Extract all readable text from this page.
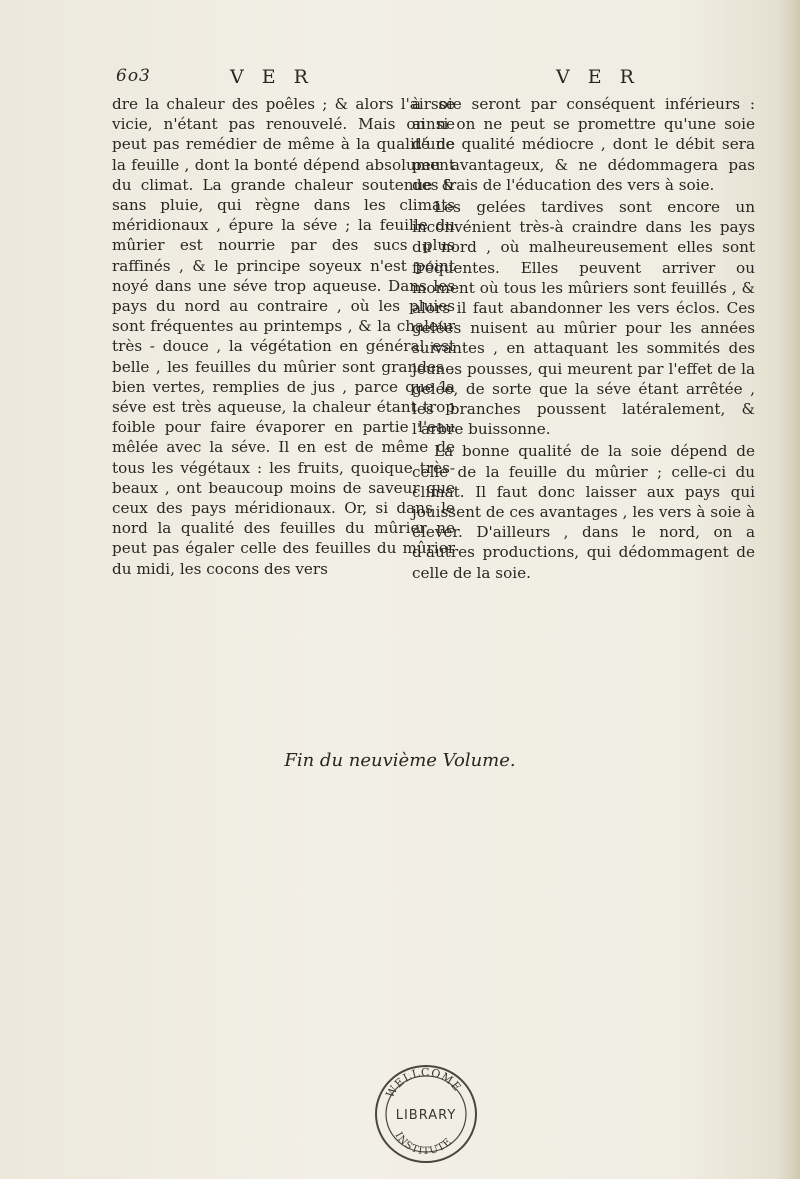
6o3	V E R	V E R

dre la chaleur des poêles ; & alors l'air se vicie, n'étant pas renouvelé. Mais on ne peut pas remédier de même à la qualité de la feuille , dont la bonté dépend absolument du climat. La grande chaleur soutenue & sans pluie, qui règne dans les climats méridionaux , épure la séve ; la feuille du mûrier est nourrie par des sucs plus raffinés , & le principe soyeux n'est point noyé dans une séve trop aqueuse. Dans les pays du nord au contraire , où les pluies sont fréquentes au printemps , & la chaleur très - douce , la végétation en général est belle , les feuilles du mûrier sont grandes , bien vertes, remplies de jus , parce que la séve est très aqueuse, la chaleur étant trop foible pour faire évaporer en partie l'eau mêlée avec la séve. Il en est de même de tous les végétaux : les fruits, quoique très-beaux , ont beaucoup moins de saveur que ceux des pays méridionaux. Or, si dans le nord la qualité des feuilles du mûrier ne peut pas égaler celle des feuilles du mûrier du midi, les cocons des vers

à soie seront par conséquent inférieurs : ainsi on ne peut se promettre qu'une soie d'une qualité médiocre , dont le débit sera peu avantageux, & ne dédommagera pas des frais de l'éducation des vers à soie.

Les gelées tardives sont encore un inconvénient très-à craindre dans les pays du nord , où malheureusement elles sont fréquentes. Elles peuvent arriver ou moment où tous les mûriers sont feuillés , & alors il faut abandonner les vers éclos. Ces gelées nuisent au mûrier pour les années suivantes , en attaquant les sommités des jeunes pousses, qui meurent par l'effet de la gelée, de sorte que la séve étant arrêtée , les branches poussent latéralement, & l'arbre buissonne.

La bonne qualité de la soie dépend de celle de la feuille du mûrier ; celle-ci du climat. Il faut donc laisser aux pays qui jouissent de ces avantages , les vers à soie à élever. D'ailleurs , dans le nord, on a d'autres productions, qui dédommagent de celle de la soie.

Fin du neuvième Volume.
WELLCOME
INSTITUTE
LIBRARY
